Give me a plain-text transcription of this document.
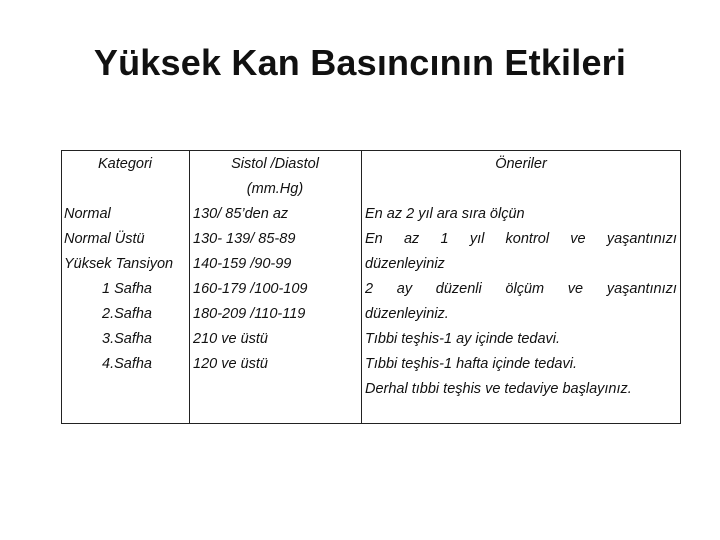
Yüksek Kan Basıncının Etkileri
Kategori	Sistol /Diastol
(mm.Hg)
Öneriler
Normal
Normal Üstü
Yüksek Tansiyon
1 Safha
2.Safha
3.Safha
4.Safha
130/ 85’den az
130- 139/ 85-89
140-159 /90-99
160-179 /100-109
180-209 /110-119
210 ve üstü
120 ve üstü
En az 2 yıl ara sıra ölçün
En az 1 yıl kontrol ve yaşantınızı
düzenleyiniz
2 ay düzenli ölçüm ve yaşantınızı
düzenleyiniz.
Tıbbi teşhis-1 ay içinde tedavi.
Tıbbi teşhis-1 hafta içinde tedavi.
Derhal tıbbi teşhis ve tedaviye başlayınız.
